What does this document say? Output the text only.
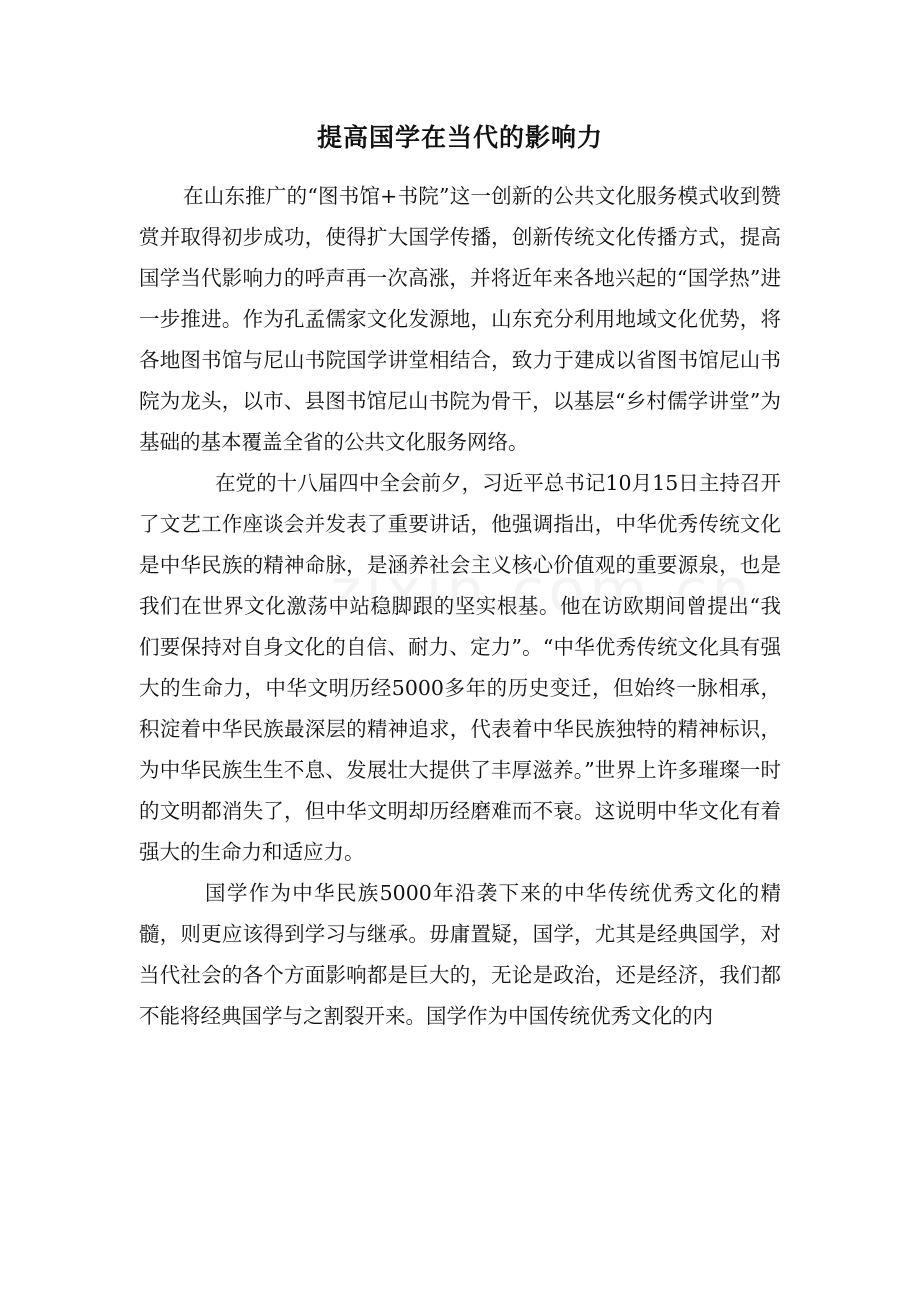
提高国学在当代的影响力

在山东推广的“图书馆+书院”这一创新的公共文化服务模式收到赞赏并取得初步成功，使得扩大国学传播，创新传统文化传播方式，提高国学当代影响力的呼声再一次高涨，并将近年来各地兴起的“国学热”进一步推进。作为孔孟儒家文化发源地，山东充分利用地域文化优势，将各地图书馆与尼山书院国学讲堂相结合，致力于建成以省图书馆尼山书院为龙头，以市、县图书馆尼山书院为骨干，以基层“乡村儒学讲堂”为基础的基本覆盖全省的公共文化服务网络。

在党的十八届四中全会前夕，习近平总书记10月15日主持召开了文艺工作座谈会并发表了重要讲话，他强调指出，中华优秀传统文化是中华民族的精神命脉，是涵养社会主义核心价值观的重要源泉，也是我们在世界文化激荡中站稳脚跟的坚实根基。他在访欧期间曾提出“我们要保持对自身文化的自信、耐力、定力”。“中华优秀传统文化具有强大的生命力，中华文明历经5000多年的历史变迁，但始终一脉相承，积淀着中华民族最深层的精神追求，代表着中华民族独特的精神标识，为中华民族生生不息、发展壮大提供了丰厚滋养。”世界上许多璀璨一时的文明都消失了，但中华文明却历经磨难而不衰。这说明中华文化有着强大的生命力和适应力。

国学作为中华民族5000年沿袭下来的中华传统优秀文化的精髓，则更应该得到学习与继承。毋庸置疑，国学，尤其是经典国学，对当代社会的各个方面影响都是巨大的，无论是政治，还是经济，我们都不能将经典国学与之割裂开来。国学作为中国传统优秀文化的内
